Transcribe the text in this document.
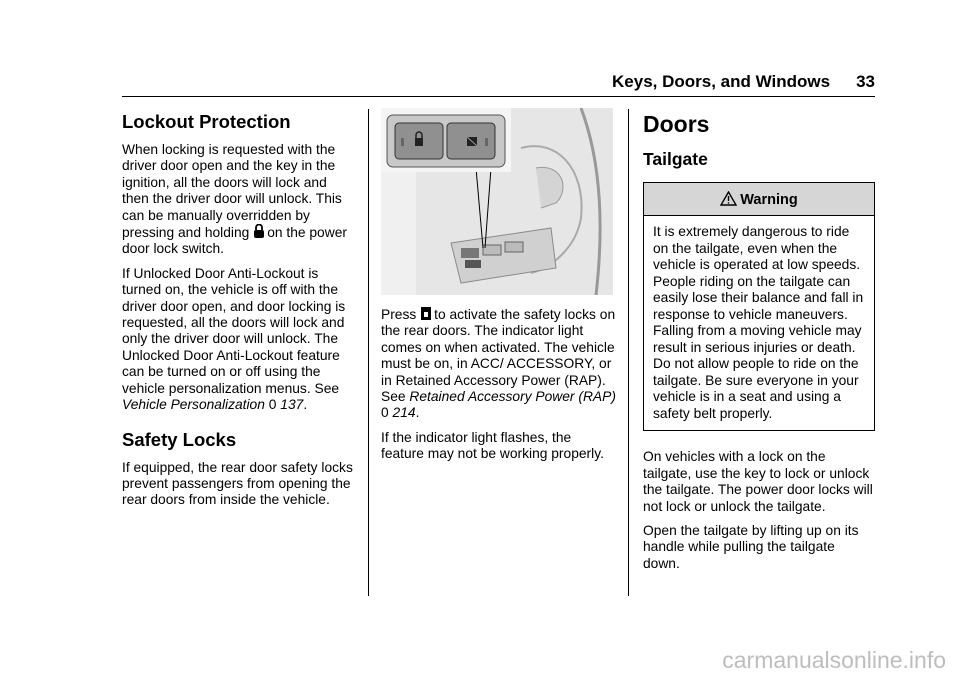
Keys, Doors, and Windows 33
Lockout Protection

When locking is requested with the driver door open and the key in the ignition, all the doors will lock and then the driver door will unlock. This can be manually overridden by pressing and holding on the power door lock switch.

If Unlocked Door Anti-Lockout is turned on, the vehicle is off with the driver door open, and door locking is requested, all the doors will lock and only the driver door will unlock. The Unlocked Door Anti-Lockout feature can be turned on or off using the vehicle personalization menus. See Vehicle Personalization 0 137.

Safety Locks

If equipped, the rear door safety locks prevent passengers from opening the rear doors from inside the vehicle.

Press to activate the safety locks on the rear doors. The indicator light comes on when activated. The vehicle must be on, in ACC/ ACCESSORY, or in Retained Accessory Power (RAP). See Retained Accessory Power (RAP) 0 214.

If the indicator light flashes, the feature may not be working properly.

Doors
Tailgate
Warning
It is extremely dangerous to ride on the tailgate, even when the vehicle is operated at low speeds. People riding on the tailgate can easily lose their balance and fall in response to vehicle maneuvers. Falling from a moving vehicle may result in serious injuries or death. Do not allow people to ride on the tailgate. Be sure everyone in your vehicle is in a seat and using a safety belt properly.

On vehicles with a lock on the tailgate, use the key to lock or unlock the tailgate. The power door locks will not lock or unlock the tailgate.

Open the tailgate by lifting up on its handle while pulling the tailgate down.

carmanualsonline.info
